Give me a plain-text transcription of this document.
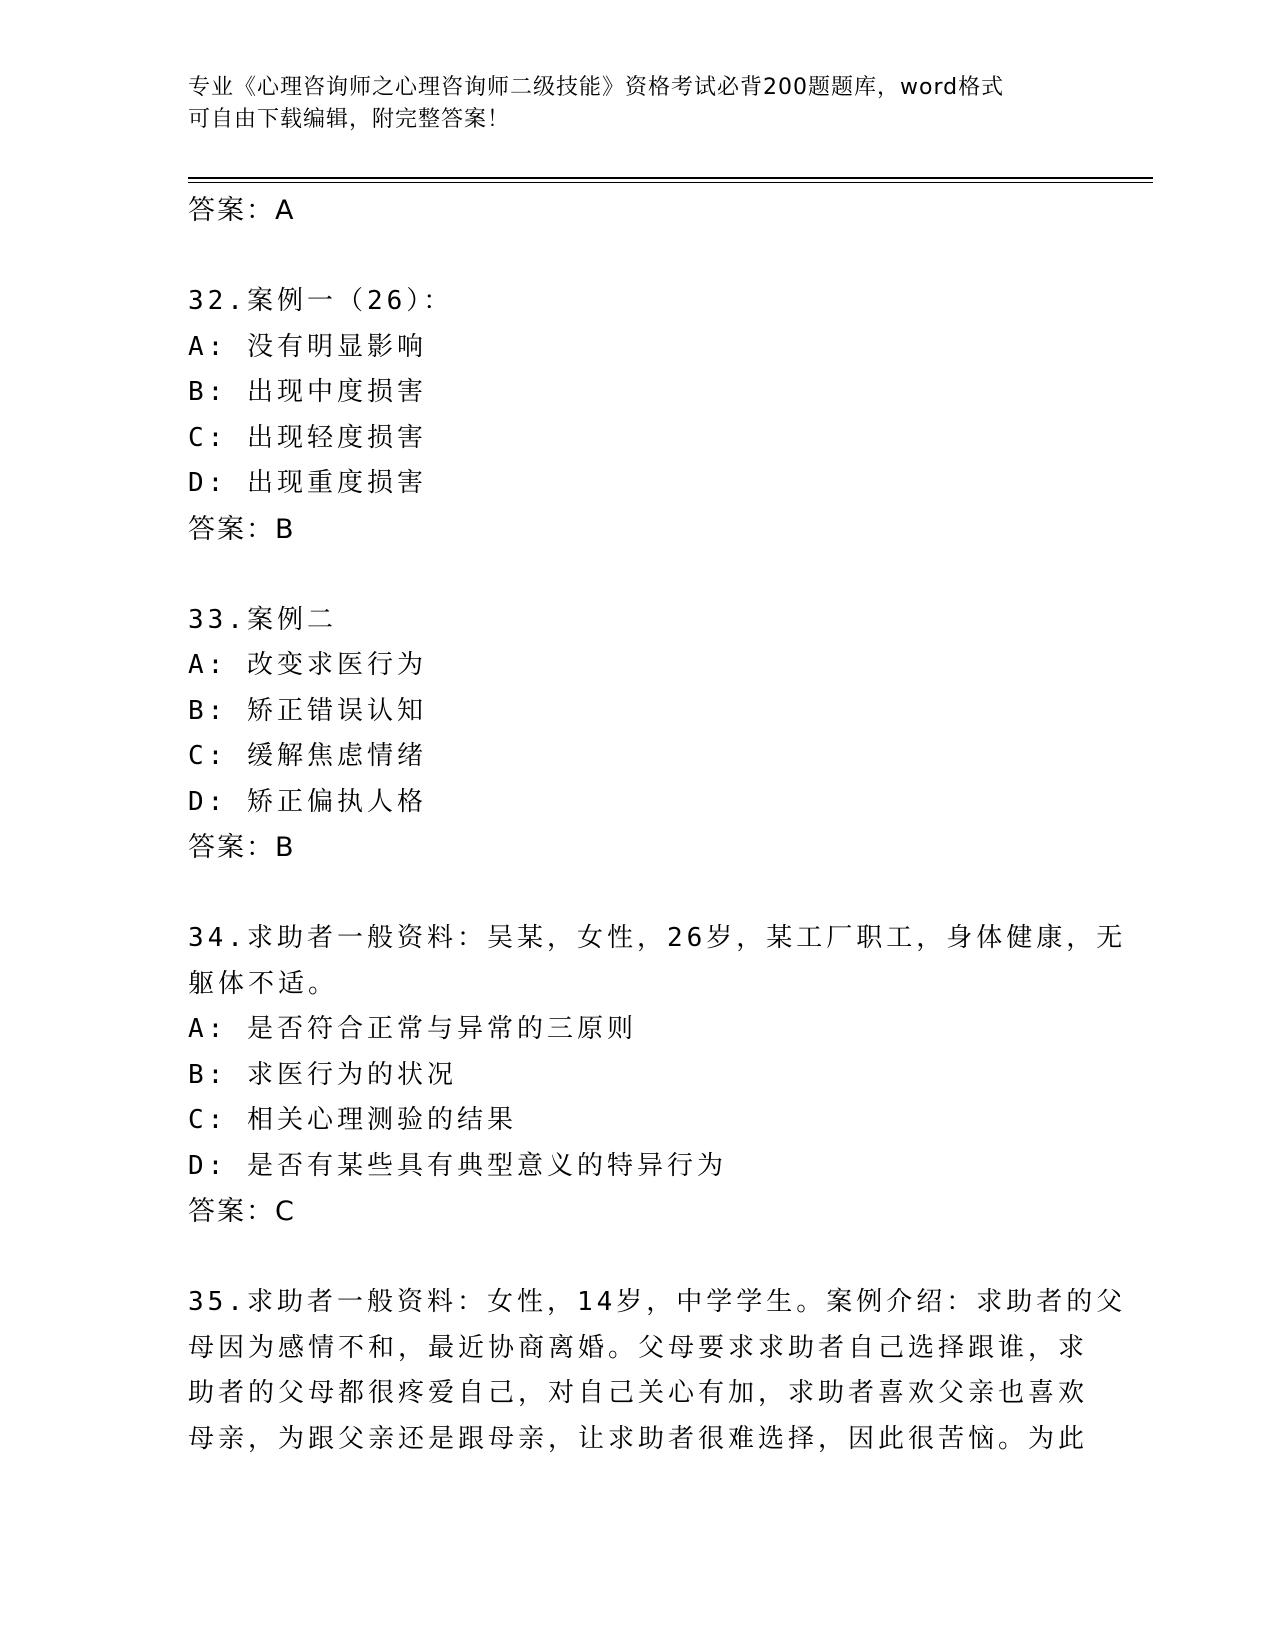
专业《心理咨询师之心理咨询师二级技能》资格考试必背200题题库，word格式
可自由下载编辑，附完整答案！
答案：A
32.案例一（26）：
A: 没有明显影响
B: 出现中度损害
C: 出现轻度损害
D: 出现重度损害
答案：B
33.案例二
A: 改变求医行为
B: 矫正错误认知
C: 缓解焦虑情绪
D: 矫正偏执人格
答案：B
34.求助者一般资料：吴某，女性，26岁，某工厂职工，身体健康，无
躯体不适。
A: 是否符合正常与异常的三原则
B: 求医行为的状况
C: 相关心理测验的结果
D: 是否有某些具有典型意义的特异行为
答案：C
35.求助者一般资料：女性，14岁，中学学生。案例介绍：求助者的父
母因为感情不和，最近协商离婚。父母要求求助者自己选择跟谁，求
助者的父母都很疼爱自己，对自己关心有加，求助者喜欢父亲也喜欢
母亲，为跟父亲还是跟母亲，让求助者很难选择，因此很苦恼。为此
